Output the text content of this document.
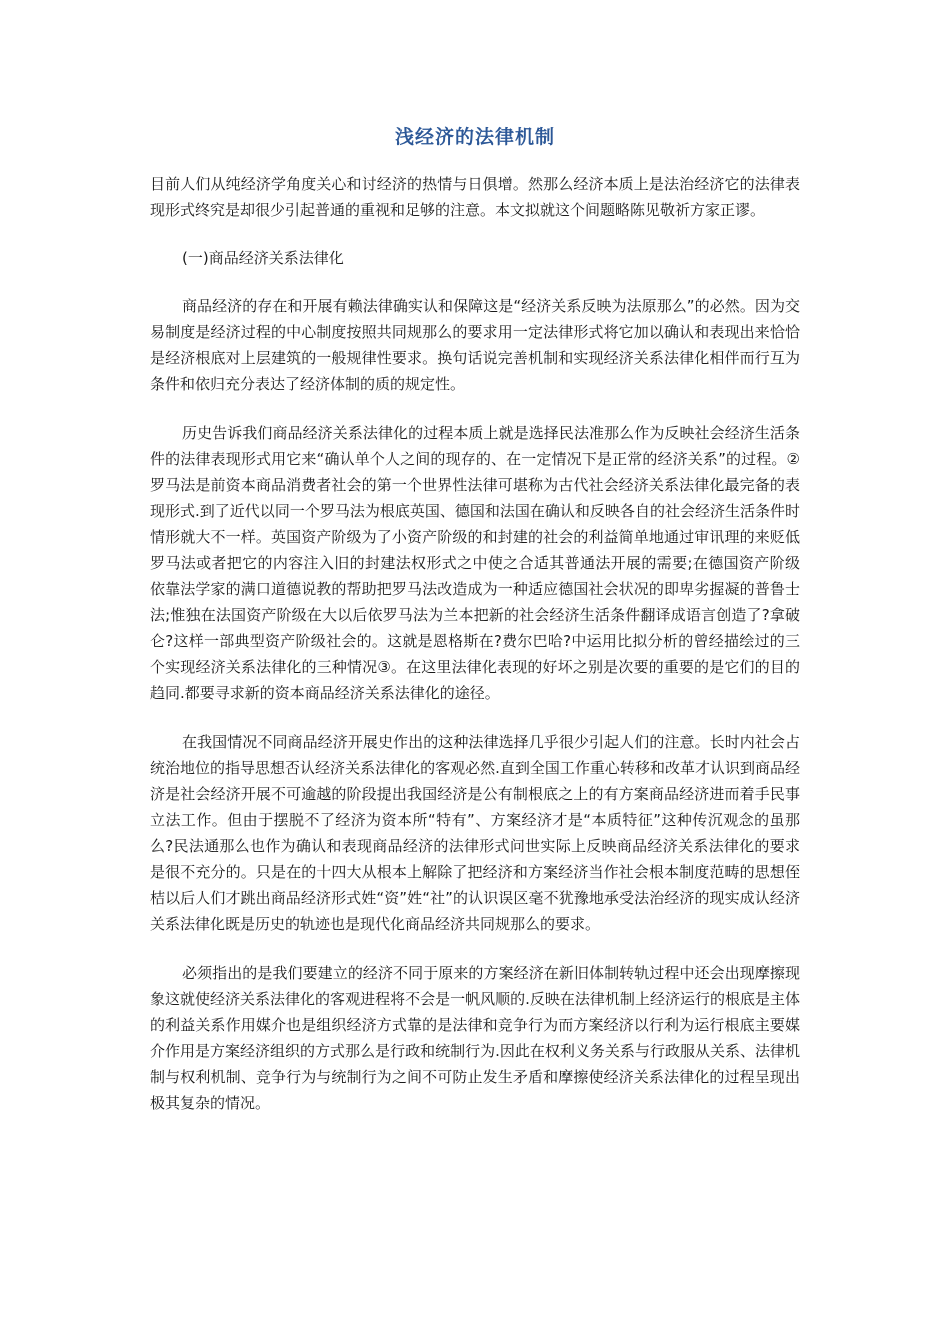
浅经济的法律机制

目前人们从纯经济学角度关心和讨经济的热情与日俱增。然那么经济本质上是法治经济它的法律表现形式终究是却很少引起普通的重视和足够的注意。本文拟就这个间题略陈见敬祈方家正谬。

(一)商品经济关系法律化

商品经济的存在和开展有赖法律确实认和保障这是“经济关系反映为法原那么”的必然。因为交易制度是经济过程的中心制度按照共同规那么的要求用一定法律形式将它加以确认和表现出来恰恰是经济根底对上层建筑的一般规律性要求。换句话说完善机制和实现经济关系法律化相伴而行互为条件和依归充分表达了经济体制的质的规定性。

历史告诉我们商品经济关系法律化的过程本质上就是选择民法准那么作为反映社会经济生活条件的法律表现形式用它来“确认单个人之间的现存的、在一定情况下是正常的经济关系”的过程。②罗马法是前资本商品消费者社会的第一个世界性法律可堪称为古代社会经济关系法律化最完备的表现形式.到了近代以同一个罗马法为根底英国、德国和法国在确认和反映各自的社会经济生活条件时情形就大不一样。英国资产阶级为了小资产阶级的和封建的社会的利益简单地通过审讯理的来贬低罗马法或者把它的内容注入旧的封建法权形式之中使之合适其普通法开展的需要;在德国资产阶级依靠法学家的满口道德说教的帮助把罗马法改造成为一种适应德国社会状况的即卑劣握凝的普鲁士法;惟独在法国资产阶级在大以后依罗马法为兰本把新的社会经济生活条件翻译成语言创造了?拿破仑?这样一部典型资产阶级社会的。这就是恩格斯在?费尔巴哈?中运用比拟分析的曾经描绘过的三个实现经济关系法律化的三种情况③。在这里法律化表现的好坏之别是次要的重要的是它们的目的趋同.都要寻求新的资本商品经济关系法律化的途径。

在我国情况不同商品经济开展史作出的这种法律选择几乎很少引起人们的注意。长时内社会占统治地位的指导思想否认经济关系法律化的客观必然.直到全国工作重心转移和改革才认识到商品经济是社会经济开展不可逾越的阶段提出我国经济是公有制根底之上的有方案商品经济进而着手民事立法工作。但由于摆脱不了经济为资本所“特有”、方案经济才是“本质特征”这种传沉观念的虽那么?民法通那么也作为确认和表现商品经济的法律形式问世实际上反映商品经济关系法律化的要求是很不充分的。只是在的十四大从根本上解除了把经济和方案经济当作社会根本制度范畴的思想侄桔以后人们才跳出商品经济形式姓“资”姓“社”的认识误区毫不犹豫地承受法治经济的现实成认经济关系法律化既是历史的轨迹也是现代化商品经济共同规那么的要求。

必须指出的是我们要建立的经济不同于原来的方案经济在新旧体制转轨过程中还会出现摩擦现象这就使经济关系法律化的客观进程将不会是一帆风顺的.反映在法律机制上经济运行的根底是主体的利益关系作用媒介也是组织经济方式靠的是法律和竞争行为而方案经济以行利为运行根底主要媒介作用是方案经济组织的方式那么是行政和统制行为.因此在权利义务关系与行政服从关系、法律机制与权利机制、竞争行为与统制行为之间不可防止发生矛盾和摩擦使经济关系法律化的过程呈现出极其复杂的情况。
